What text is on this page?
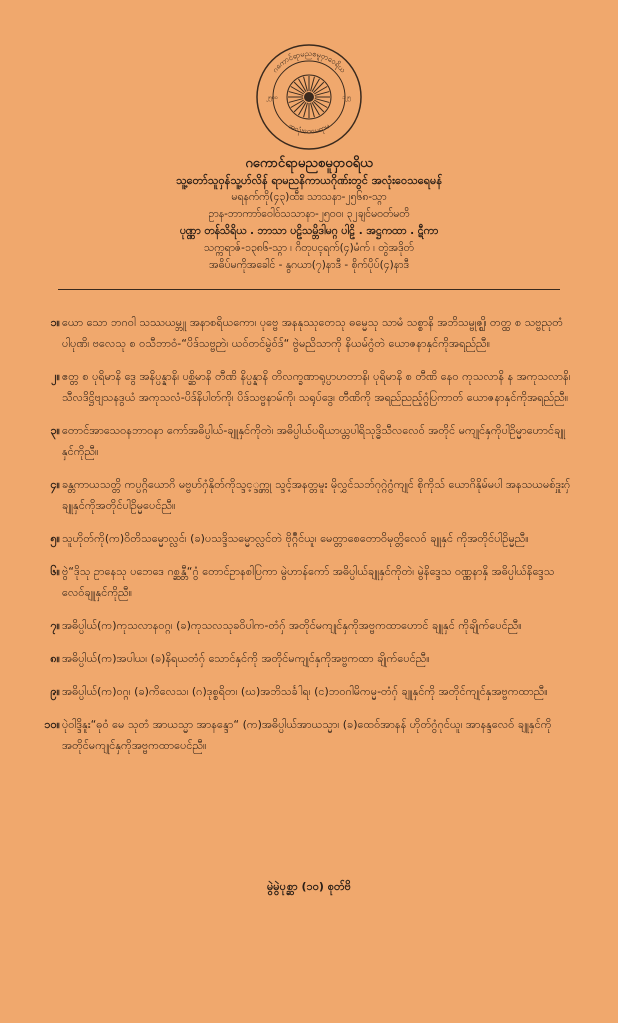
ဂကောင်ရာမညစမူဝှာဝေရိယ
အလုံးဝေမေရာမ
၂၅၈၀	၁၂၅
ဂကောင်ရာမညစမူဝှာဝရိယ
သူ့တော်သူဝှန်သူ့ဟ်လိန် ရာမညနိကာယဂိုဏ်းတွင် အလုံးဝေသရေမန်
မရနက်ကို(၄၃)ထီး၊ သာသနာ-၂၅၆၈-သ္ဂာ
ဥာန-ဘာကာာ်ဝေါဝ်သသာနာ-၂၅၀၀၊ ၃၂ချင်မဝတ်မတိ
ပုဏ္ဏာ တန်သိရိယ . ဘာသာ ပဠိသမ္ဘိဒါမဂ္ဂ ပါဠိ . အဋ္ဌကထာ . ဋီကာ
သက္ကရာဇ်-၁၃၈၆-သ္ဂာ ၊ ဂိတုပၚရက်(၄)မံက် ၊ တွဲအဒိုတ်
အဓိပ်မကိုအခေါင် - နွဂယာ(၇)နာဒီ - စိုက်ပိုပ်(၄)နာဒီ
၁။ ယော သော ဘဂဝါ သဿယမ္ဘူ အနာစရိယကော၊ ပုဗ္ဗေ အနနုဿုတေသု ဓမ္မေသု သာမံ သစ္စာနိ အဘိသမ္ဗုဇ္ဈိ၊ တတ္ထ စ သဗ္ဗညုတံ ပါပုဏိ၊ ဗလေသု စ ဝသီဘာဝံ-“ပိဒ်သဗ္ဗဉာဲ၊ ယဝ်တင်မွဲဝ်ဒ်“ ဗွဲမညိသာကို နိယမ်ဂွံတဲ ယောဇနာနှင်ကိုအရည်ညီ။
၂။ ဧတ္တ စ ပုရိမာနိ ဒွေ အနိပ္ပန္နာနိ၊ ပစ္ဆိမာနိ တီဏိ နိပ္ပန္နာနိ တိလက္ခဏာရုပ္ပာဟတာနိ၊ ပုရိမာနိ စ တီဏိ နေဝ ကုသလာနိ န အကုသလာနိ၊ သီလဒိဋ္ဌိဗျသနဒွယံ အကုသလံ-ပိဒ်နိပါတ်ကို၊ ပိဒ်သဗ္ဗနာမ်ကို၊ သရုပ်ဒွေ၊ တီဏိကို အရည်ညည့်ဂွံပြကာတ် ယောဇနာနှင်ကိုအရည်ညီ။
၃။ တောင်အာသေဝနဘာဝနာ ကော်အဓိပ္ပါယ်-ချူနှင်ကိုတဲ၊ အဓိပ္ပါယ်ပရိယာယ္တပါရိသုဒ္ဓိသီလလေဝ် အတိုင် မကျုင်နှကိုပါဥိမ္မာဟောင်ချူနှင်ကိုညီ။
၄။ ခန္တကာယသတ္တိ ကပ္ပဂ္ဂိယောဂိ မဗ္ဗဟ်ဂှံနိုတ်ကိုသ္ဒင့္ဒွက္ကု သ္ဒင့်အနတ္တမူး မိုလွှင်သဘ်ဂုဂ္ဂဲဂွံကျုင် စိုကိုသ် ယောဂိနိုမ်မပါ အနသယမစ်ဒှူးဂှ် ချူနှင်ကိုအတိုင်ပါဥိမ္မပေင်ညီ။
၅။ သူဟိုတ်ကို(က)ဝိတိသမ္မောလ္လင်၊ (ခ)ပသဒ္ဒိသမ္မောလ္လင်တဲ ဗိုဂ္ဂဳင်ယူ၊ မေတ္တာစေတောဝိမုတ္တိလေဝ် ချူနှင် ကိုအတိုင်ပါဥိမ္မညီ။
၆။ ဗွဲ“ဒိုသု ဥာနေသု ပဘေဒေ ဂစ္ဆန္တီ“ဂွံ တောင်ဥာနစါပြကာ မွဲဟာန်ကော် အဓိပ္ပါယ်ချူနှင်ကိုတဲ၊ မွဲနိဒ္ဒေသ ဝဏ္ဏနာနှိ အဓိပ္ပါယ်နိဒ္ဒေသ လေဝ်ချူနှင်ကိုညီ။
၇။ အဓိပ္ပါယ်(က)ကုသလာနဝဂ္ဂ၊ (ခ)ကုသလသုခဝိပါက-တံဂှ် အတိုင်မကျုင်နှကိုအဗ္ဗကထာဟောင် ချူနှင် ကိုချိုက်ပေင်ညီ။
၈။ အဓိပ္ပါယ်(က)အပါယ၊ (ခ)နိရယတံဂှ် သောင်နှင်ကို အတိုင်မကျုင်နှကိုအဗ္ဗကထာ ချိုက်ပေင်ညီ။
၉။ အဓိပ္ပါယ်(က)ဝဂ္ဂ၊ (ခ)ကိလေသ၊ (ဂ)ဒုစ္စရိတ၊ (ဃ)အဘိသင်္ခါရ၊ (င)ဘဝဂါမိကမ္မ-တံဂှ် ချူနှင်ကို အတိုင်ကျုင်နှအဗ္ဗကထာညီ။
၁၀။ ပုဲဝါဒ္ဒိနူး“ဓုဝံ မေ သုတံ အာယသ္မာ အာနန္ဒော“ (က)အဓိပ္ပါယ်အာယသ္မာ၊ (ခ)ထေဝ်အာနန် ဟိုတ်ဂွံဂုင်ယူ၊ အာနန္ဒလေဝ် ချူနှင်ကိုအတိုင်မကျုင်နှကိုအဗ္ဗကထာပေင်ညီ။
မွဲမွဲပုစ္ဆာ (၁၀) စုတ်ဗိ
